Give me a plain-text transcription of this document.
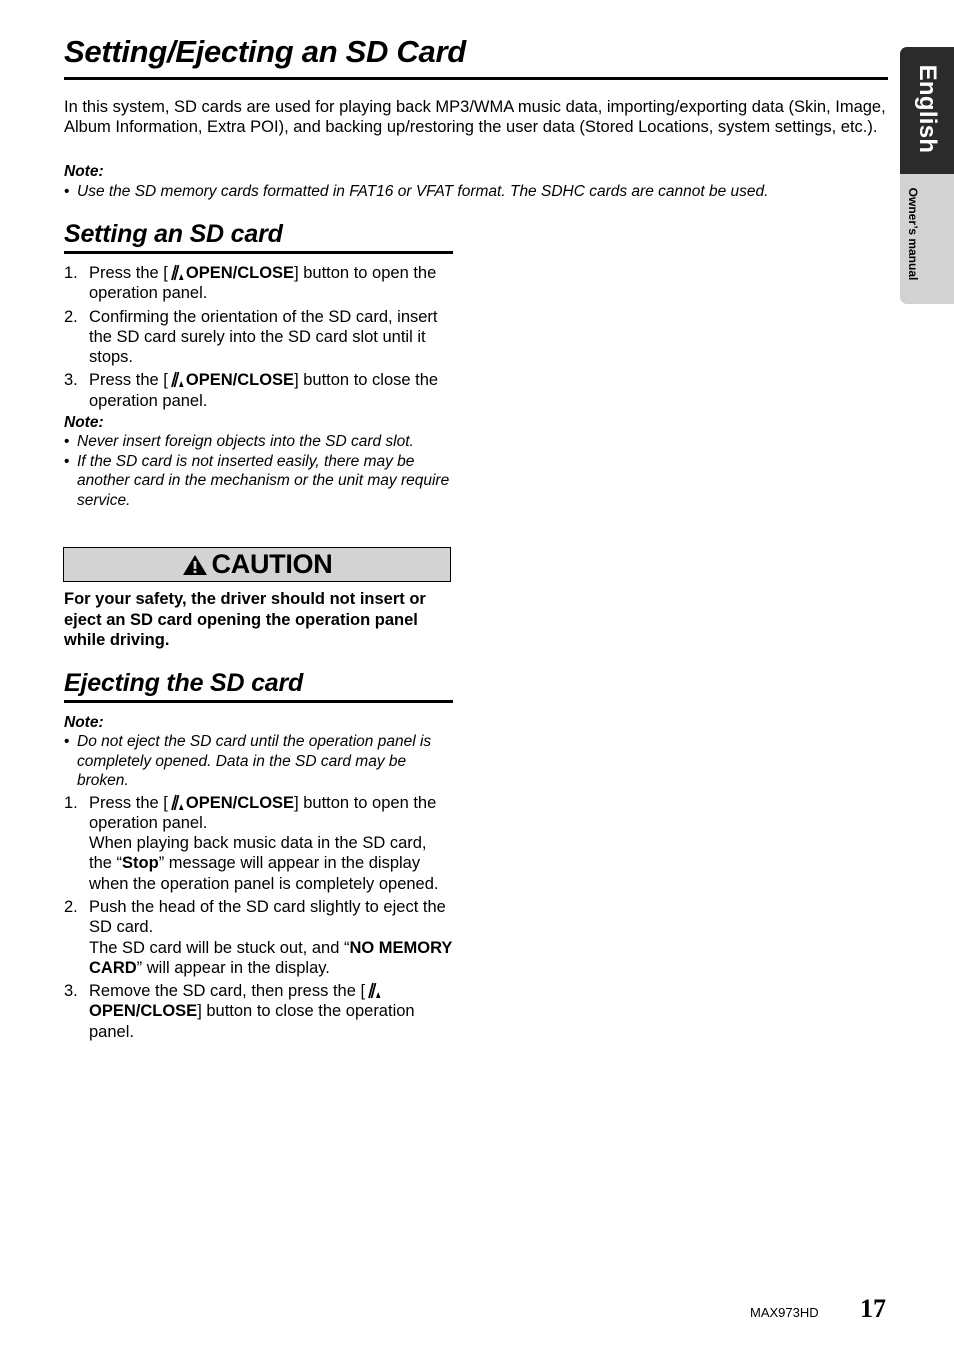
Setting/Ejecting an SD Card

In this system, SD cards are used for playing back MP3/WMA music data, importing/exporting data (Skin, Image, Album Information, Extra POI), and backing up/restoring the user data (Stored Locations, system settings, etc.).

Note:

• Use the SD memory cards formatted in FAT16 or VFAT format. The SDHC cards are cannot be used.

English
Owner’s manual
Setting an SD card
1. Press the [ OPEN/CLOSE] button to open the operation panel.
2. Confirming the orientation of the SD card, insert the SD card surely into the SD card slot until it stops.
3. Press the [ OPEN/CLOSE] button to close the operation panel.

Note:

• Never insert foreign objects into the SD card slot.

• If the SD card is not inserted easily, there may be another card in the mechanism or the unit may require service.

CAUTION

For your safety, the driver should not insert or eject an SD card opening the operation panel while driving.

Ejecting the SD card

Note:

• Do not eject the SD card until the operation panel is completely opened. Data in the SD card may be broken.

1. Press the [ OPEN/CLOSE] button to open the operation panel.
When playing back music data in the SD card, the “Stop” message will appear in the display when the operation panel is completely opened.
2. Push the head of the SD card slightly to eject the SD card.
The SD card will be stuck out, and “NO MEMORY CARD” will appear in the display.
3. Remove the SD card, then press the [OPEN/CLOSE] button to close the operation panel.
MAX973HD 17
